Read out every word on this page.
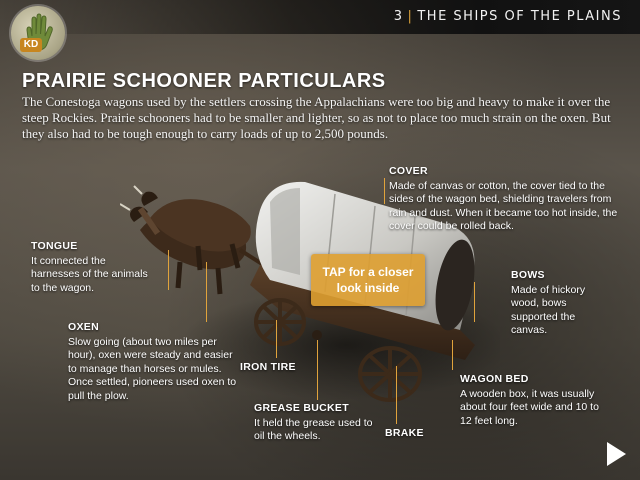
3 | THE SHIPS OF THE PLAINS
KD
PRAIRIE SCHOONER PARTICULARS
The Conestoga wagons used by the settlers crossing the Appalachians were too big and heavy to make it over the steep Rockies. Prairie schooners had to be smaller and lighter, so as not to place too much strain on the oxen. But they also had to be tough enough to carry loads of up to 2,500 pounds.
COVER
Made of canvas or cotton, the cover tied to the sides of the wagon bed, shielding travelers from rain and dust. When it became too hot inside, the cover could be rolled back.
TONGUE
It connected the harnesses of the animals to the wagon.
BOWS
Made of hickory wood, bows supported the canvas.
OXEN
Slow going (about two miles per hour), oxen were steady and easier to manage than horses or mules. Once settled, pioneers used oxen to pull the plow.
IRON TIRE
WAGON BED
A wooden box, it was usually about four feet wide and 10 to 12 feet long.
GREASE BUCKET
It held the grease used to oil the wheels.	BRAKE
TAP for a closer look inside
